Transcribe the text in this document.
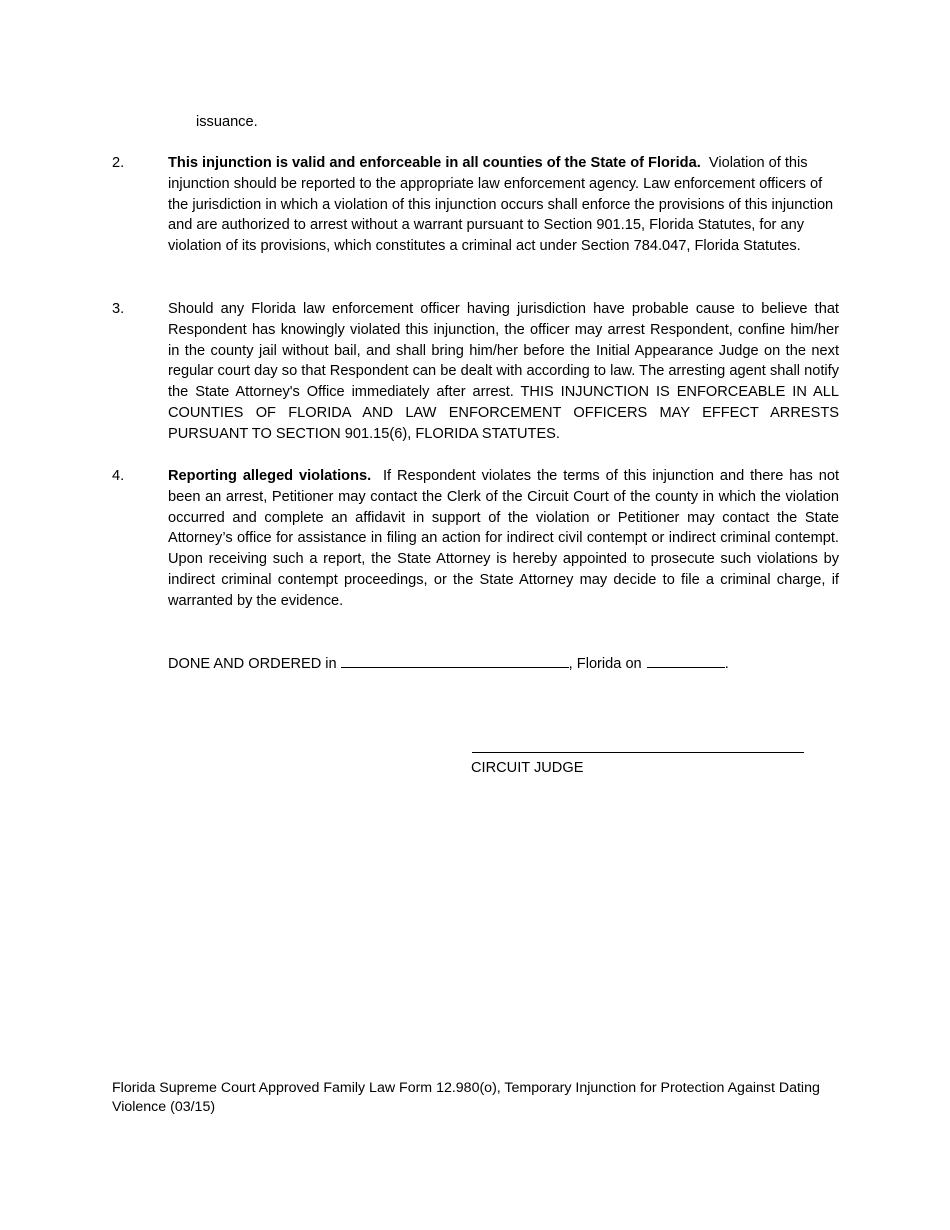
issuance.
2.	This injunction is valid and enforceable in all counties of the State of Florida. Violation of this injunction should be reported to the appropriate law enforcement agency. Law enforcement officers of the jurisdiction in which a violation of this injunction occurs shall enforce the provisions of this injunction and are authorized to arrest without a warrant pursuant to Section 901.15, Florida Statutes, for any violation of its provisions, which constitutes a criminal act under Section 784.047, Florida Statutes.
3.	Should any Florida law enforcement officer having jurisdiction have probable cause to believe that Respondent has knowingly violated this injunction, the officer may arrest Respondent, confine him/her in the county jail without bail, and shall bring him/her before the Initial Appearance Judge on the next regular court day so that Respondent can be dealt with according to law. The arresting agent shall notify the State Attorney's Office immediately after arrest. THIS INJUNCTION IS ENFORCEABLE IN ALL COUNTIES OF FLORIDA AND LAW ENFORCEMENT OFFICERS MAY EFFECT ARRESTS PURSUANT TO SECTION 901.15(6), FLORIDA STATUTES.
4.	Reporting alleged violations. If Respondent violates the terms of this injunction and there has not been an arrest, Petitioner may contact the Clerk of the Circuit Court of the county in which the violation occurred and complete an affidavit in support of the violation or Petitioner may contact the State Attorney’s office for assistance in filing an action for indirect civil contempt or indirect criminal contempt. Upon receiving such a report, the State Attorney is hereby appointed to prosecute such violations by indirect criminal contempt proceedings, or the State Attorney may decide to file a criminal charge, if warranted by the evidence.
DONE AND ORDERED in	, Florida on	.
CIRCUIT JUDGE
Florida Supreme Court Approved Family Law Form 12.980(o), Temporary Injunction for Protection Against Dating Violence (03/15)
